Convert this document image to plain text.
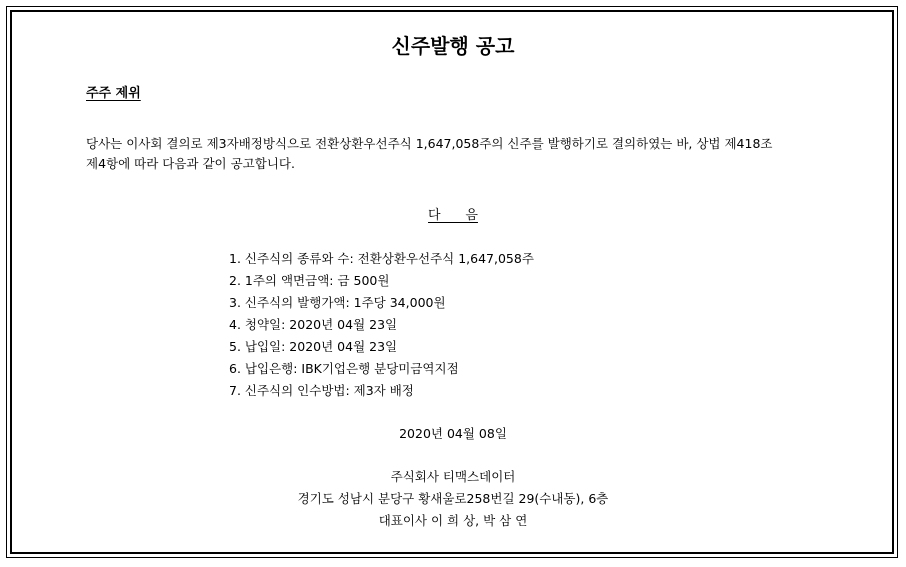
신주발행 공고
주주 제위

당사는 이사회 결의로 제3자배정방식으로 전환상환우선주식 1,647,058주의 신주를 발행하기로 결의하였는 바, 상법 제418조

제4항에 따라 다음과 같이 공고합니다.

다      음
1. 신주식의 종류와 수: 전환상환우선주식 1,647,058주
2. 1주의 액면금액: 금 500원
3. 신주식의 발행가액: 1주당 34,000원
4. 청약일: 2020년 04월 23일
5. 납입일: 2020년 04월 23일
6. 납입은행: IBK기업은행 분당미금역지점
7. 신주식의 인수방법: 제3자 배정
2020년 04월 08일
주식회사 티맥스데이터
경기도 성남시 분당구 황새울로258번길 29(수내동), 6층
대표이사 이 희 상, 박 삼 연
